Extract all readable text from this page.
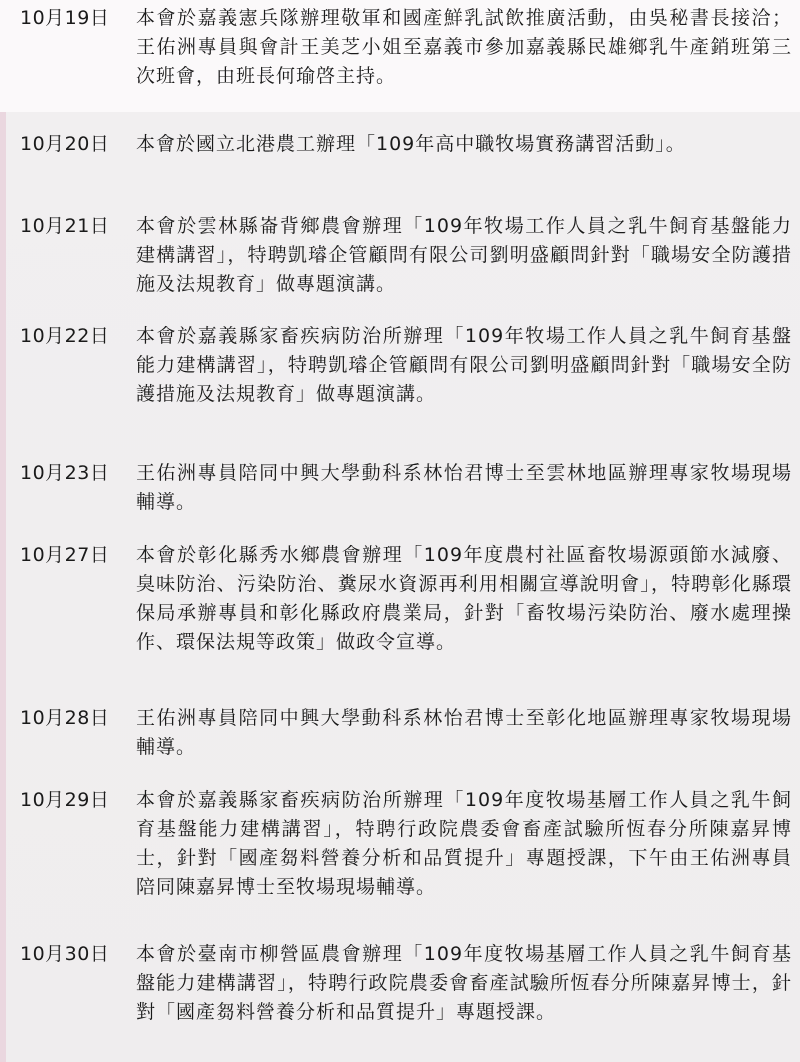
10月19日	本會於嘉義憲兵隊辦理敬軍和國產鮮乳試飲推廣活動，由吳秘書長接洽；王佑洲專員與會計王美芝小姐至嘉義市參加嘉義縣民雄鄉乳牛產銷班第三次班會，由班長何瑜啓主持。
10月20日	本會於國立北港農工辦理「109年高中職牧場實務講習活動」。
10月21日	本會於雲林縣崙背鄉農會辦理「109年牧場工作人員之乳牛飼育基盤能力建構講習」，特聘凱璿企管顧問有限公司劉明盛顧問針對「職場安全防護措施及法規教育」做專題演講。
10月22日	本會於嘉義縣家畜疾病防治所辦理「109年牧場工作人員之乳牛飼育基盤能力建構講習」，特聘凱璿企管顧問有限公司劉明盛顧問針對「職場安全防護措施及法規教育」做專題演講。
10月23日	王佑洲專員陪同中興大學動科系林怡君博士至雲林地區辦理專家牧場現場輔導。
10月27日	本會於彰化縣秀水鄉農會辦理「109年度農村社區畜牧場源頭節水減廢、臭味防治、污染防治、糞尿水資源再利用相關宣導說明會」，特聘彰化縣環保局承辦專員和彰化縣政府農業局，針對「畜牧場污染防治、廢水處理操作、環保法規等政策」做政令宣導。
10月28日	王佑洲專員陪同中興大學動科系林怡君博士至彰化地區辦理專家牧場現場輔導。
10月29日	本會於嘉義縣家畜疾病防治所辦理「109年度牧場基層工作人員之乳牛飼育基盤能力建構講習」，特聘行政院農委會畜產試驗所恆春分所陳嘉昇博士，針對「國產芻料營養分析和品質提升」專題授課，下午由王佑洲專員陪同陳嘉昇博士至牧場現場輔導。
10月30日	本會於臺南市柳營區農會辦理「109年度牧場基層工作人員之乳牛飼育基盤能力建構講習」，特聘行政院農委會畜產試驗所恆春分所陳嘉昇博士，針對「國產芻料營養分析和品質提升」專題授課。
